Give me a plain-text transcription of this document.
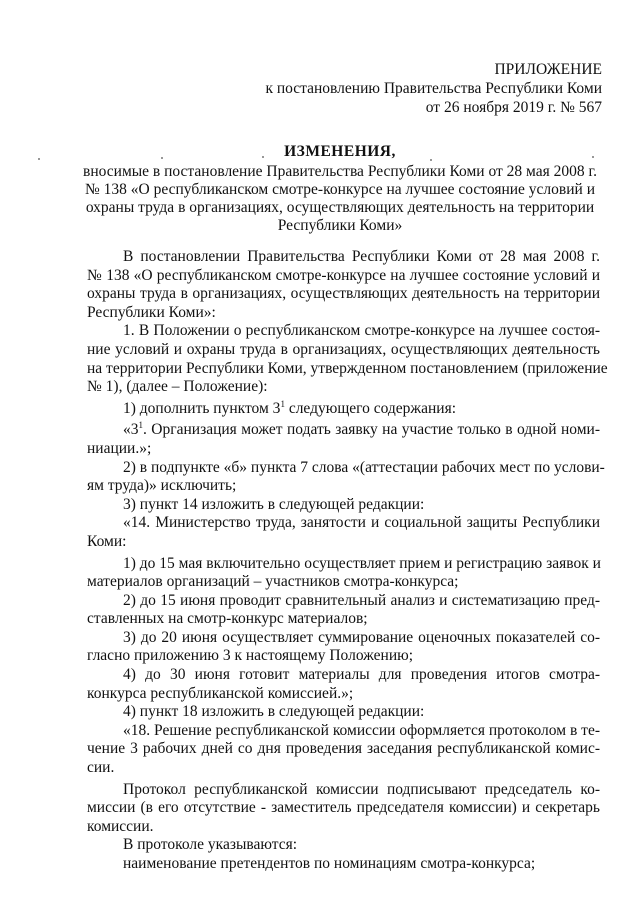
ПРИЛОЖЕНИЕ
к постановлению Правительства Республики Коми
от 26 ноября 2019 г. № 567
ИЗМЕНЕНИЯ,
вносимые в постановление Правительства Республики Коми от 28 мая 2008 г.
№ 138 «О республиканском смотре-конкурсе на лучшее состояние условий и
охраны труда в организациях, осуществляющих деятельность на территории
Республики Коми»
В постановлении Правительства Республики Коми от 28 мая 2008 г.
№ 138 «О республиканском смотре-конкурсе на лучшее состояние условий и
охраны труда в организациях, осуществляющих деятельность на территории
Республики Коми»:
1. В Положении о республиканском смотре-конкурсе на лучшее состоя-
ние условий и охраны труда в организациях, осуществляющих деятельность
на территории Республики Коми, утвержденном постановлением (приложение
№ 1), (далее – Положение):
1) дополнить пунктом $3^1$ следующего содержания:
«$3^1$. Организация может подать заявку на участие только в одной номи-
ниации.»;
2) в подпункте «б» пункта 7 слова «(аттестации рабочих мест по услови-
ям труда)» исключить;
3) пункт 14 изложить в следующей редакции:
«14. Министерство труда, занятости и социальной защиты Республики
Коми:
1) до 15 мая включительно осуществляет прием и регистрацию заявок и
материалов организаций – участников смотра-конкурса;
2) до 15 июня проводит сравнительный анализ и систематизацию пред-
ставленных на смотр-конкурс материалов;
3) до 20 июня осуществляет суммирование оценочных показателей со-
гласно приложению 3 к настоящему Положению;
4) до 30 июня готовит материалы для проведения итогов смотра-
конкурса республиканской комиссией.»;
4) пункт 18 изложить в следующей редакции:
«18. Решение республиканской комиссии оформляется протоколом в те-
чение 3 рабочих дней со дня проведения заседания республиканской комис-
сии.
Протокол республиканской комиссии подписывают председатель ко-
миссии (в его отсутствие - заместитель председателя комиссии) и секретарь
комиссии.
В протоколе указываются:
наименование претендентов по номинациям смотра-конкурса;
